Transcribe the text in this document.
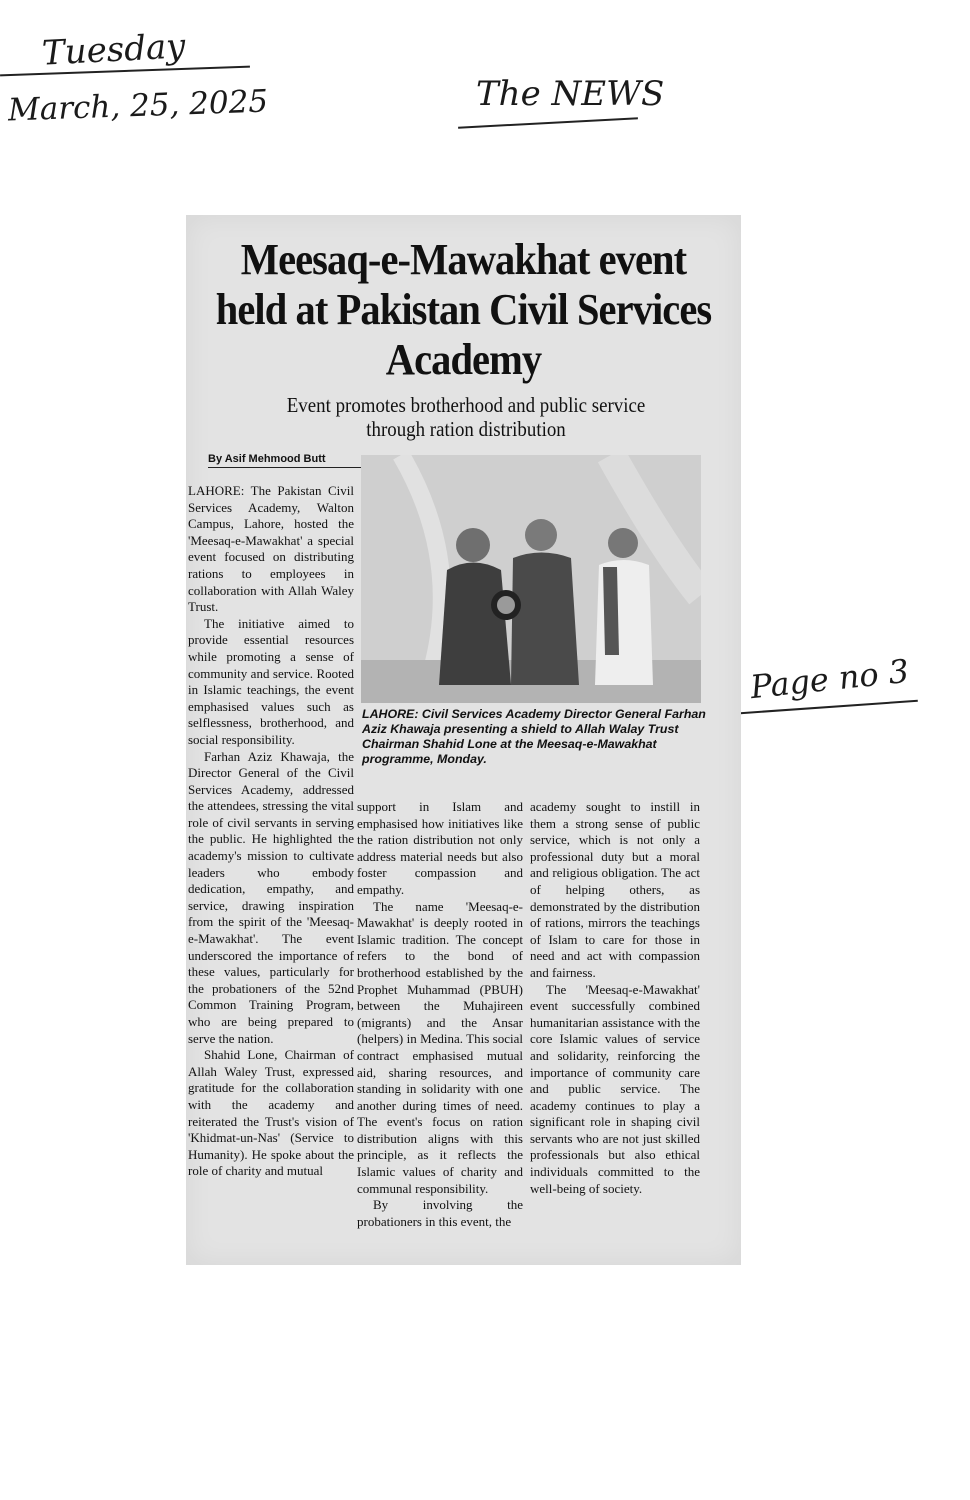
Tuesday
March, 25, 2025	The NEWS
Page no 3
Meesaq-e-Mawakhat event held at Pakistan Civil Services Academy
Event promotes brotherhood and public service through ration distribution
By Asif Mehmood Butt

LAHORE: The Pakistan Civil Services Academy, Walton Campus, Lahore, hosted the 'Meesaq-e-Mawakhat' a special event focused on distributing rations to employees in collaboration with Allah Waley Trust.

The initiative aimed to provide essential resources while promoting a sense of community and service. Rooted in Islamic teachings, the event emphasised values such as selflessness, brotherhood, and social responsibility.

Farhan Aziz Khawaja, the Director General of the Civil Services Academy, addressed the attendees, stressing the vital role of civil servants in serving the public. He highlighted the academy's mission to cultivate leaders who embody dedication, empathy, and service, drawing inspiration from the spirit of the 'Meesaq-e-Mawakhat'. The event underscored the importance of these values, particularly for the probationers of the 52nd Common Training Program, who are being prepared to serve the nation.

Shahid Lone, Chairman of Allah Waley Trust, expressed gratitude for the collaboration with the academy and reiterated the Trust's vision of 'Khidmat-un-Nas' (Service to Humanity). He spoke about the role of charity and mutual

LAHORE: Civil Services Academy Director General Farhan Aziz Khawaja presenting a shield to Allah Walay Trust Chairman Shahid Lone at the Meesaq-e-Mawakhat programme, Monday.

support in Islam and emphasised how initiatives like the ration distribution not only address material needs but also foster compassion and empathy.

The name 'Meesaq-e-Mawakhat' is deeply rooted in Islamic tradition. The concept refers to the bond of brotherhood established by the Prophet Muhammad (PBUH) between the Muhajireen (migrants) and the Ansar (helpers) in Medina. This social contract emphasised mutual aid, sharing resources, and standing in solidarity with one another during times of need. The event's focus on ration distribution aligns with this principle, as it reflects the Islamic values of charity and communal responsibility.

By involving the probationers in this event, the

academy sought to instill in them a strong sense of public service, which is not only a professional duty but a moral and religious obligation. The act of helping others, as demonstrated by the distribution of rations, mirrors the teachings of Islam to care for those in need and act with compassion and fairness.

The 'Meesaq-e-Mawakhat' event successfully combined humanitarian assistance with the core Islamic values of service and solidarity, reinforcing the importance of community care and public service. The academy continues to play a significant role in shaping civil servants who are not just skilled professionals but also ethical individuals committed to the well-being of society.
